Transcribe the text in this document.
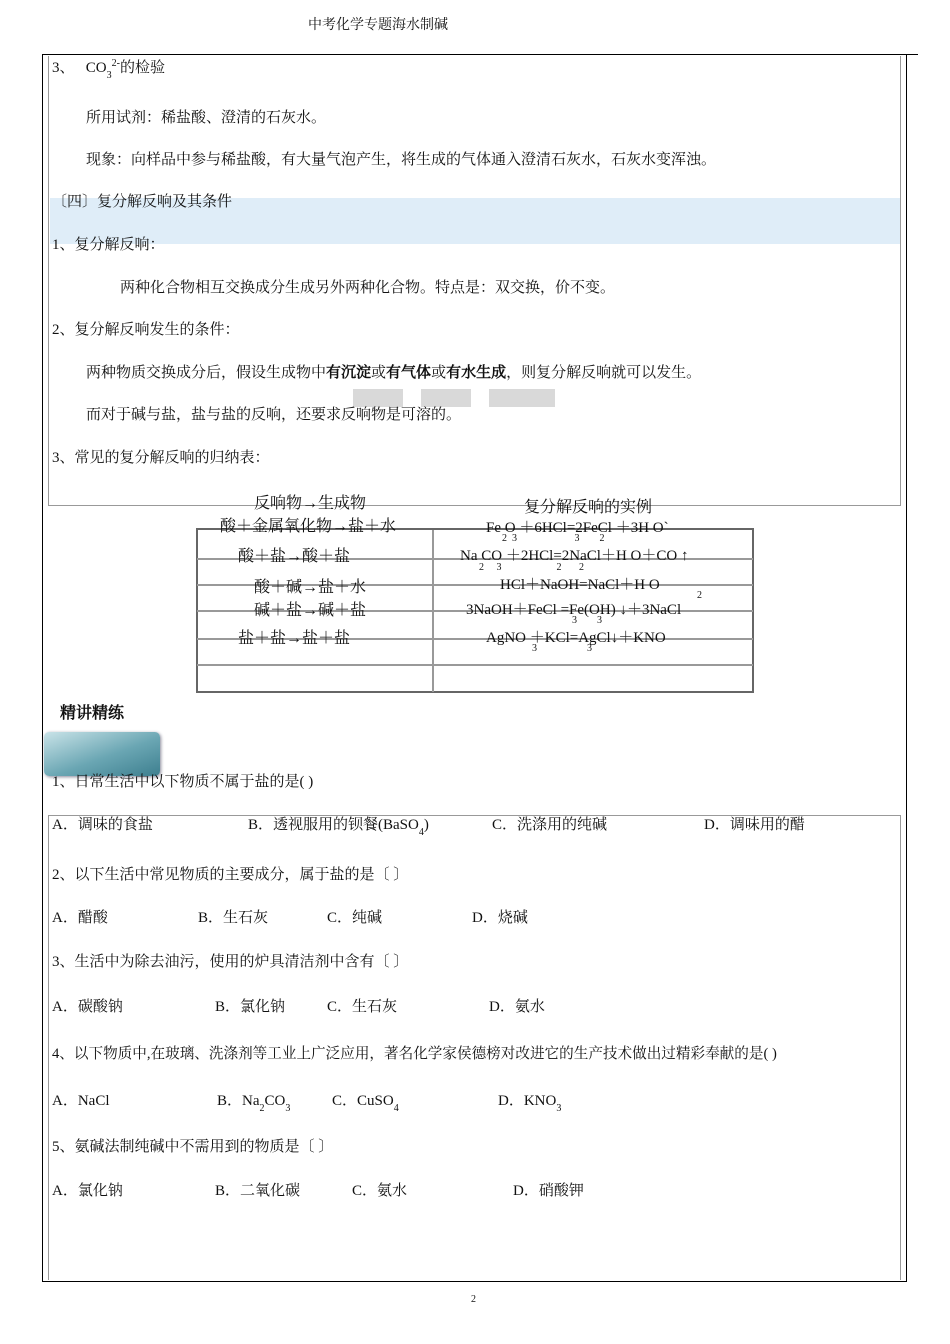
中考化学专题海水制碱
3、 $CO_3^{2-}$的检验
所用试剂：稀盐酸、澄清的石灰水。
现象：向样品中参与稀盐酸，有大量气泡产生，将生成的气体通入澄清石灰水，石灰水变浑浊。
〔四〕复分解反响及其条件
1、复分解反响：
两种化合物相互交换成分生成另外两种化合物。特点是：双交换，价不变。
2、复分解反响发生的条件：
两种物质交换成分后，假设生成物中有沉淀或有气体或有水生成，则复分解反响就可以发生。
而对于碱与盐，盐与盐的反响，还要求反响物是可溶的。
3、常见的复分解反响的归纳表：
反响物→生成物	复分解反响的实例
酸＋金属氧化物→盐＋水	Fe O ＋6HCl=2FeCl ＋3H O`
2  3                       3        2
酸＋盐→酸＋盐	Na CO ＋2HCl=2NaCl＋H O＋CO ↑
2     3                      2       2
酸＋碱→盐＋水	HCl＋NaOH=NaCl＋H O
2
碱＋盐→碱＋盐	3NaOH＋FeCl =Fe(OH) ↓＋3NaCl
3        3
盐＋盐→盐＋盐	AgNO ＋KCl=AgCl↓＋KNO
3                    3
精讲精练
1、日常生活中以下物质不属于盐的是( )
A．调味的食盐	B．透视服用的钡餐(BaSO$_4$)	C．洗涤用的纯碱	D．调味用的醋
2、以下生活中常见物质的主要成分，属于盐的是〔 〕
A．醋酸	B．生石灰	C．纯碱	D．烧碱
3、生活中为除去油污，使用的炉具清洁剂中含有〔 〕
A．碳酸钠	B．氯化钠	C．生石灰	D．氨水
4、以下物质中,在玻璃、洗涤剂等工业上广泛应用，著名化学家侯德榜对改进它的生产技术做出过精彩奉献的是( )
A．NaCl	B．$Na_2CO_3$	C．CuSO$_4$	D．$KNO_3$
5、氨碱法制纯碱中不需用到的物质是〔 〕
A．氯化钠	B．二氧化碳	C．氨水	D．硝酸钾
2
